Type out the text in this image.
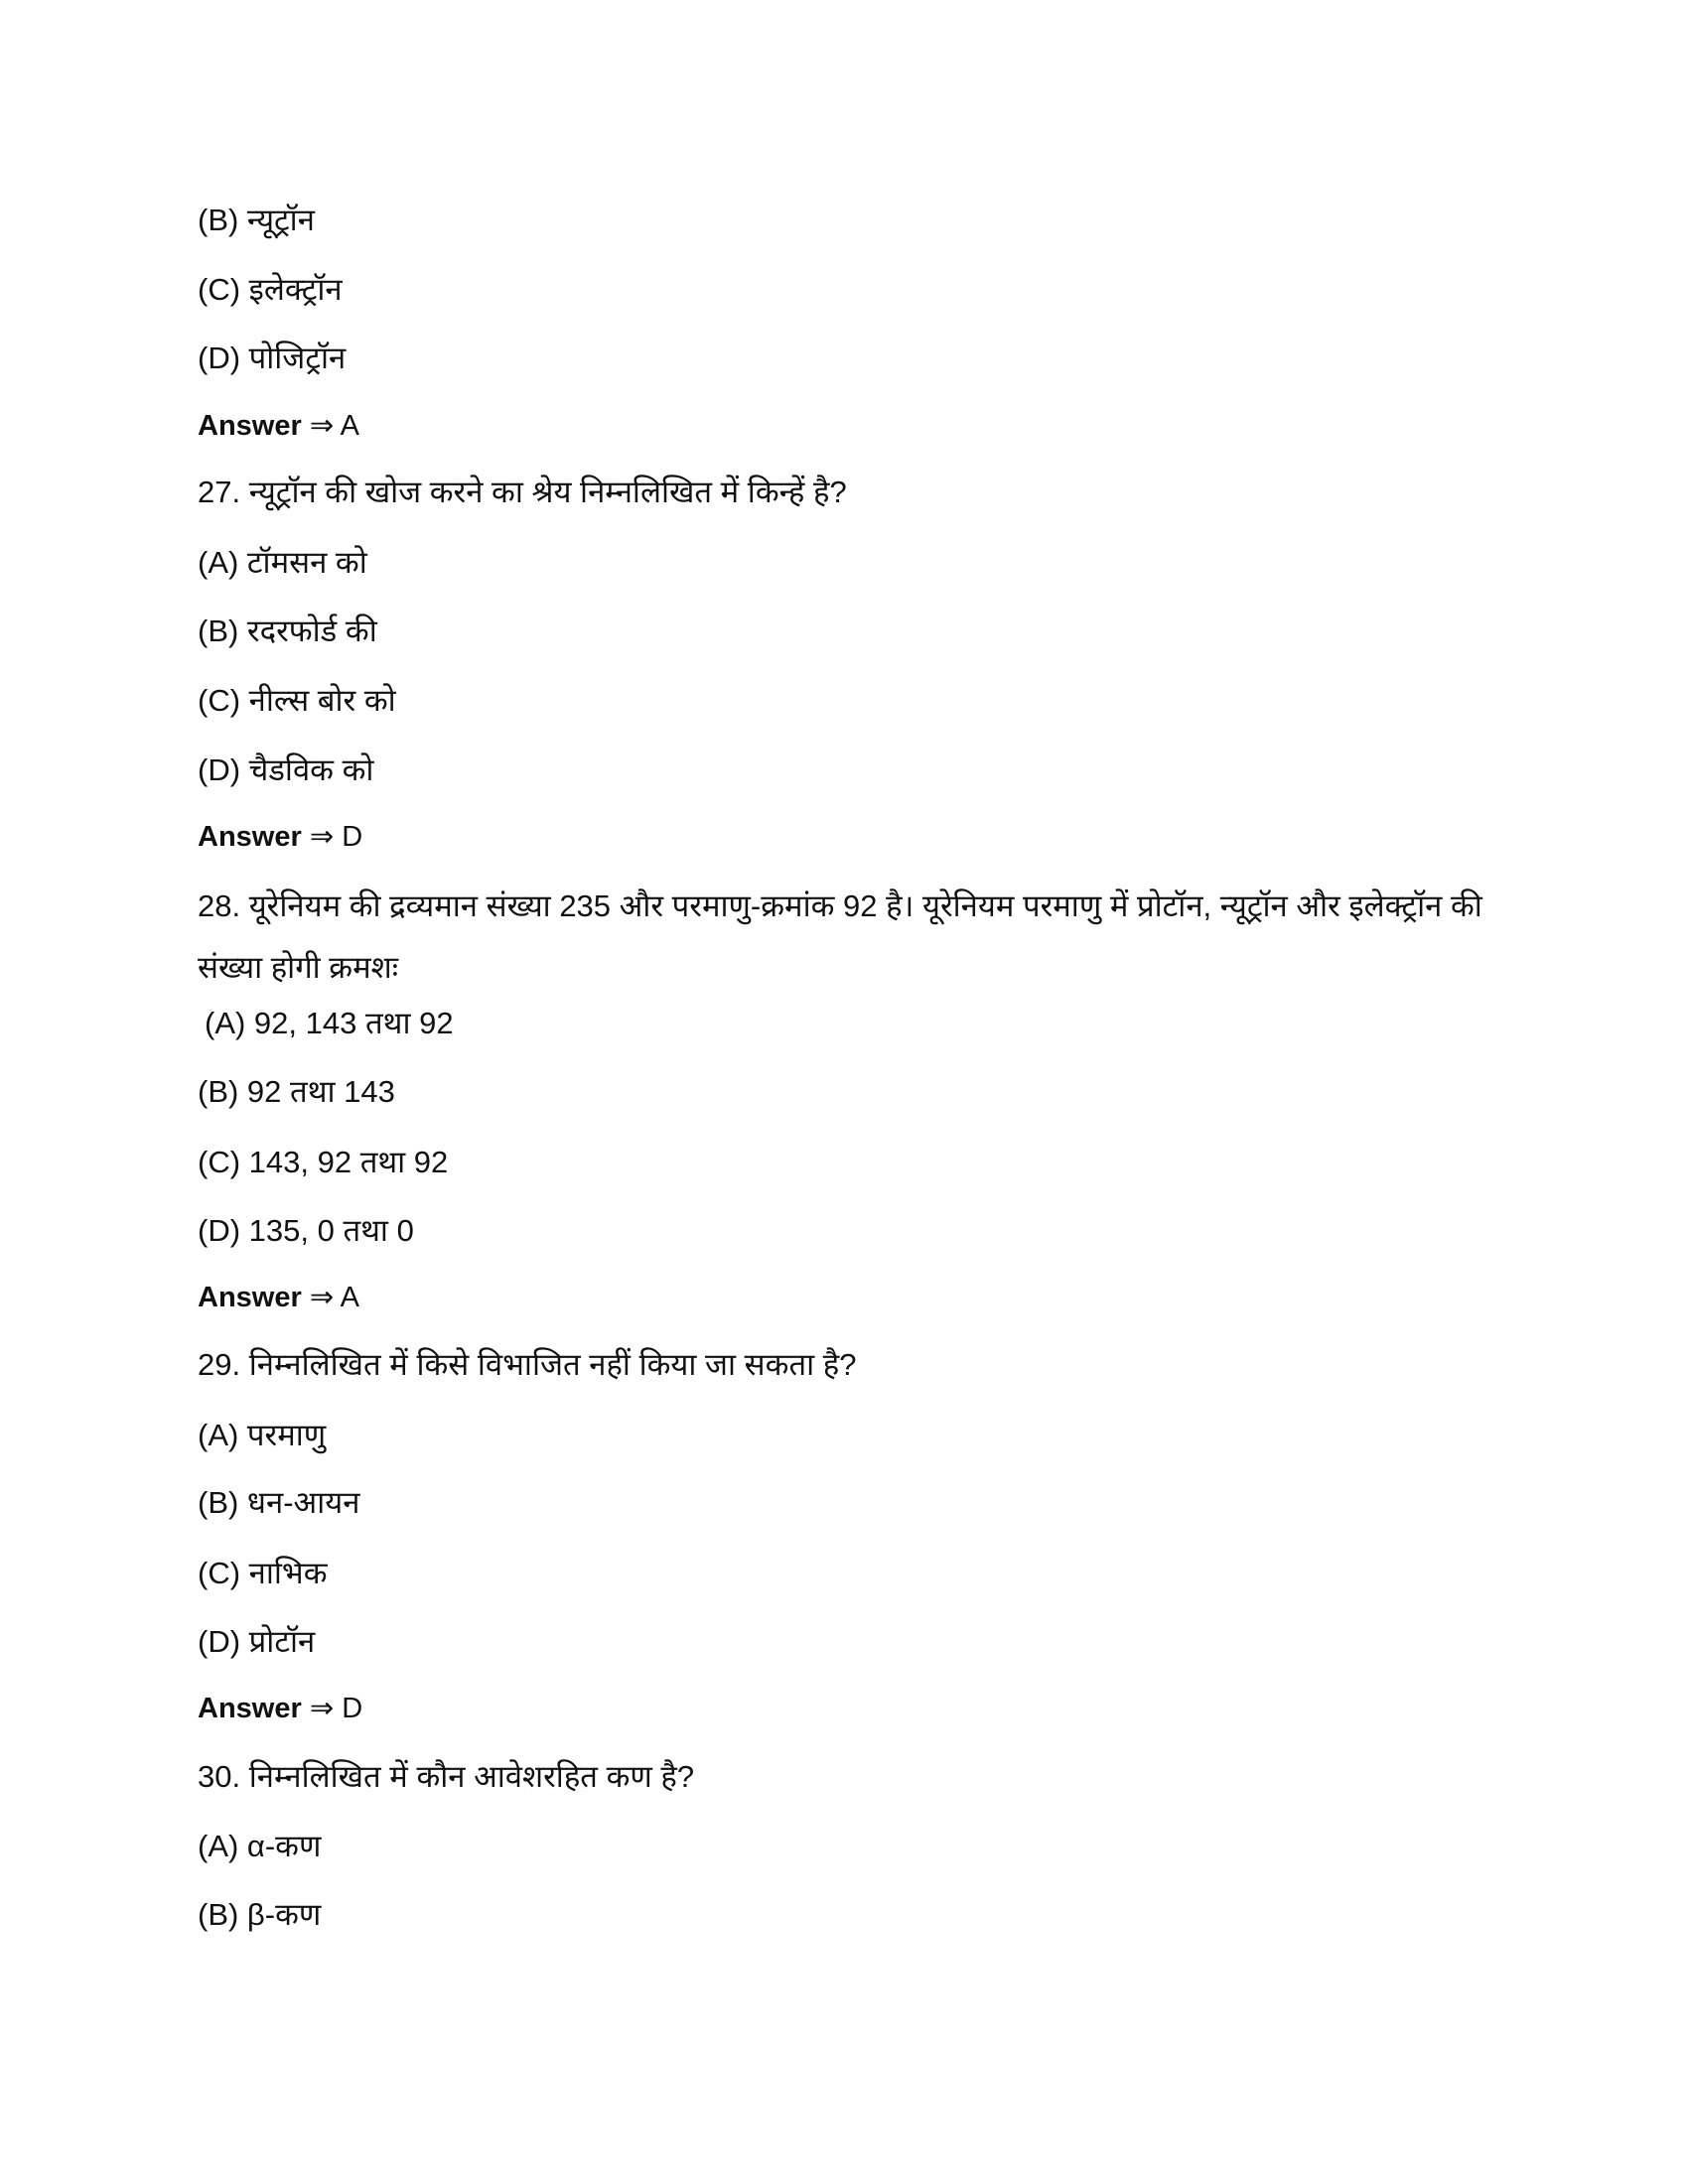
(B) न्यूट्रॉन
(C) इलेक्ट्रॉन
(D) पोजिट्रॉन
Answer ⇒ A
27. न्यूट्रॉन की खोज करने का श्रेय निम्नलिखित में किन्हें है?
(A) टॉमसन को
(B) रदरफोर्ड की
(C) नील्स बोर को
(D) चैडविक को
Answer ⇒ D
28. यूरेनियम की द्रव्यमान संख्या 235 और परमाणु-क्रमांक 92 है। यूरेनियम परमाणु में प्रोटॉन, न्यूट्रॉन और इलेक्ट्रॉन की संख्या होगी क्रमशः
(A) 92, 143 तथा 92
(B) 92 तथा 143
(C) 143, 92 तथा 92
(D) 135, 0 तथा 0
Answer ⇒ A
29. निम्नलिखित में किसे विभाजित नहीं किया जा सकता है?
(A) परमाणु
(B) धन-आयन
(C) नाभिक
(D) प्रोटॉन
Answer ⇒ D
30. निम्नलिखित में कौन आवेशरहित कण है?
(A) α-कण
(B) β-कण
